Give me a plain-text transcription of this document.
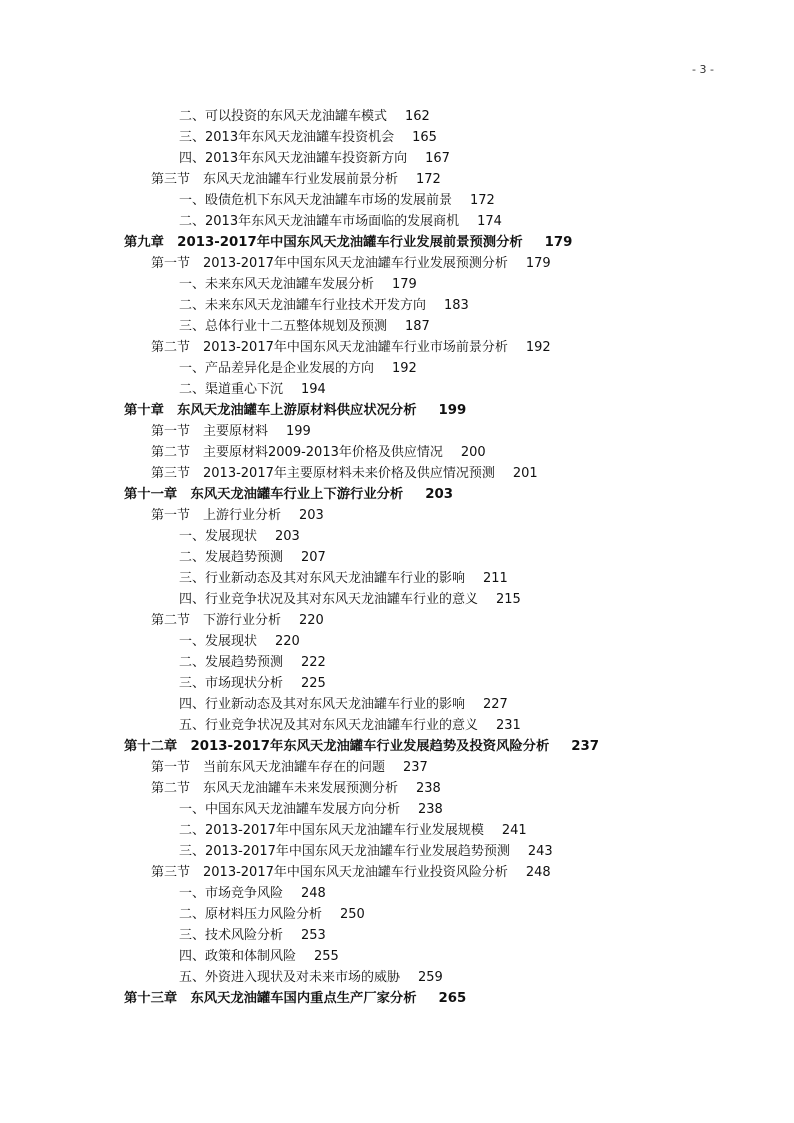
- 3 -
二、可以投资的东风天龙油罐车模式 162
三、2013年东风天龙油罐车投资机会 165
四、2013年东风天龙油罐车投资新方向 167
第三节　东风天龙油罐车行业发展前景分析 172
一、殴债危机下东风天龙油罐车市场的发展前景 172
二、2013年东风天龙油罐车市场面临的发展商机 174
第九章　2013-2017年中国东风天龙油罐车行业发展前景预测分析 179
第一节　2013-2017年中国东风天龙油罐车行业发展预测分析 179
一、未来东风天龙油罐车发展分析 179
二、未来东风天龙油罐车行业技术开发方向 183
三、总体行业十二五整体规划及预测 187
第二节　2013-2017年中国东风天龙油罐车行业市场前景分析 192
一、产品差异化是企业发展的方向 192
二、渠道重心下沉 194
第十章　东风天龙油罐车上游原材料供应状况分析 199
第一节　主要原材料 199
第二节　主要原材料2009-2013年价格及供应情况 200
第三节　2013-2017年主要原材料未来价格及供应情况预测 201
第十一章　东风天龙油罐车行业上下游行业分析 203
第一节　上游行业分析 203
一、发展现状 203
二、发展趋势预测 207
三、行业新动态及其对东风天龙油罐车行业的影响 211
四、行业竞争状况及其对东风天龙油罐车行业的意义 215
第二节　下游行业分析 220
一、发展现状 220
二、发展趋势预测 222
三、市场现状分析 225
四、行业新动态及其对东风天龙油罐车行业的影响 227
五、行业竞争状况及其对东风天龙油罐车行业的意义 231
第十二章　2013-2017年东风天龙油罐车行业发展趋势及投资风险分析 237
第一节　当前东风天龙油罐车存在的问题 237
第二节　东风天龙油罐车未来发展预测分析 238
一、中国东风天龙油罐车发展方向分析 238
二、2013-2017年中国东风天龙油罐车行业发展规模 241
三、2013-2017年中国东风天龙油罐车行业发展趋势预测 243
第三节　2013-2017年中国东风天龙油罐车行业投资风险分析 248
一、市场竞争风险 248
二、原材料压力风险分析 250
三、技术风险分析 253
四、政策和体制风险 255
五、外资进入现状及对未来市场的威胁 259
第十三章　东风天龙油罐车国内重点生产厂家分析 265
